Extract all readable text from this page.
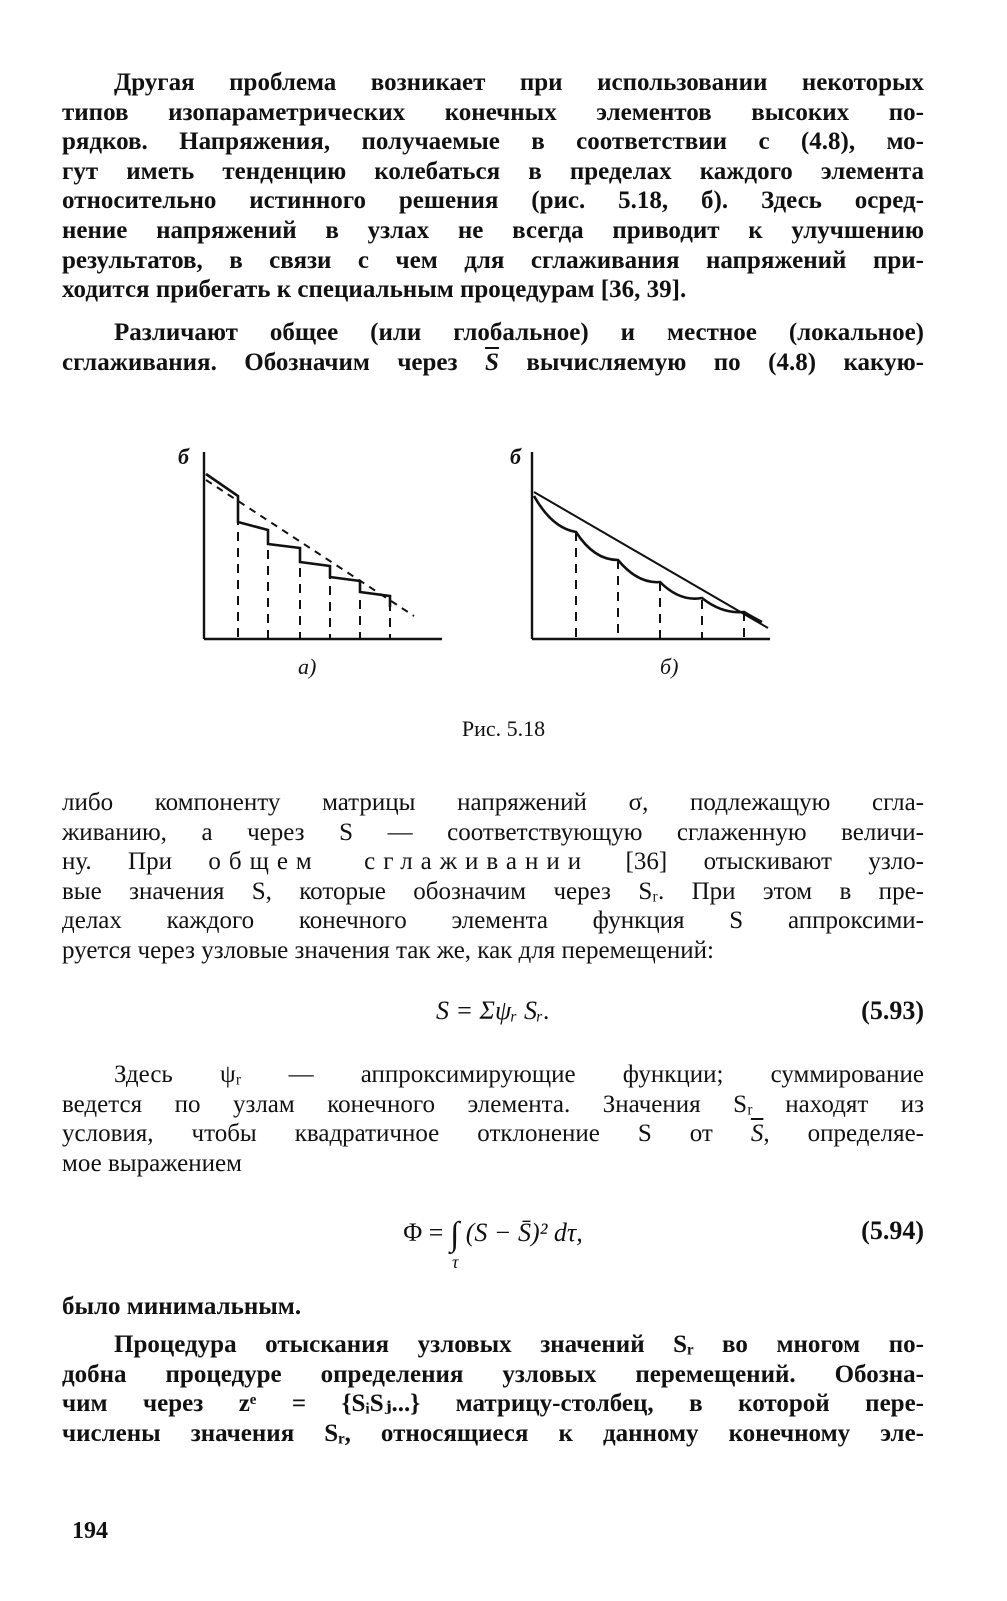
Другая проблема возникает при использовании некоторых
типов изопараметрических конечных элементов высоких по-
рядков. Напряжения, получаемые в соответствии с (4.8), мо-
гут иметь тенденцию колебаться в пределах каждого элемента
относительно истинного решения (рис. 5.18, б). Здесь осред-
нение напряжений в узлах не всегда приводит к улучшению
результатов, в связи с чем для сглаживания напряжений при-
ходится прибегать к специальным процедурам [36, 39].
Различают общее (или глобальное) и местное (локальное)
сглаживания. Обозначим через $\overline{S}$ вычисляемую по (4.8) какую-
б
а)
б
б)
Рис. 5.18
либо компоненту матрицы напряжений σ, подлежащую сгла-
живанию, а через S — соответствующую сглаженную величи-
ну. При общем сглаживании [36] отыскивают узло-
вые значения S, которые обозначим через Sᵣ. При этом в пре-
делах каждого конечного элемента функция S аппроксими-
руется через узловые значения так же, как для перемещений:
S = Σψᵣ Sᵣ.	(5.93)
Здесь ψᵣ — аппроксимирующие функции; суммирование
ведется по узлам конечного элемента. Значения Sᵣ находят из
условия, чтобы квадратичное отклонение S от $\overline{S}$, определяе-
мое выражением
Φ = ∫
τ
(S − S̄)² dτ,	(5.94)
было минимальным.
Процедура отыскания узловых значений Sᵣ во многом по-
добна процедуре определения узловых перемещений. Обозна-
чим через zᵉ = {SᵢSⱼ...} матрицу-столбец, в которой пере-
числены значения Sᵣ, относящиеся к данному конечному эле-
194
